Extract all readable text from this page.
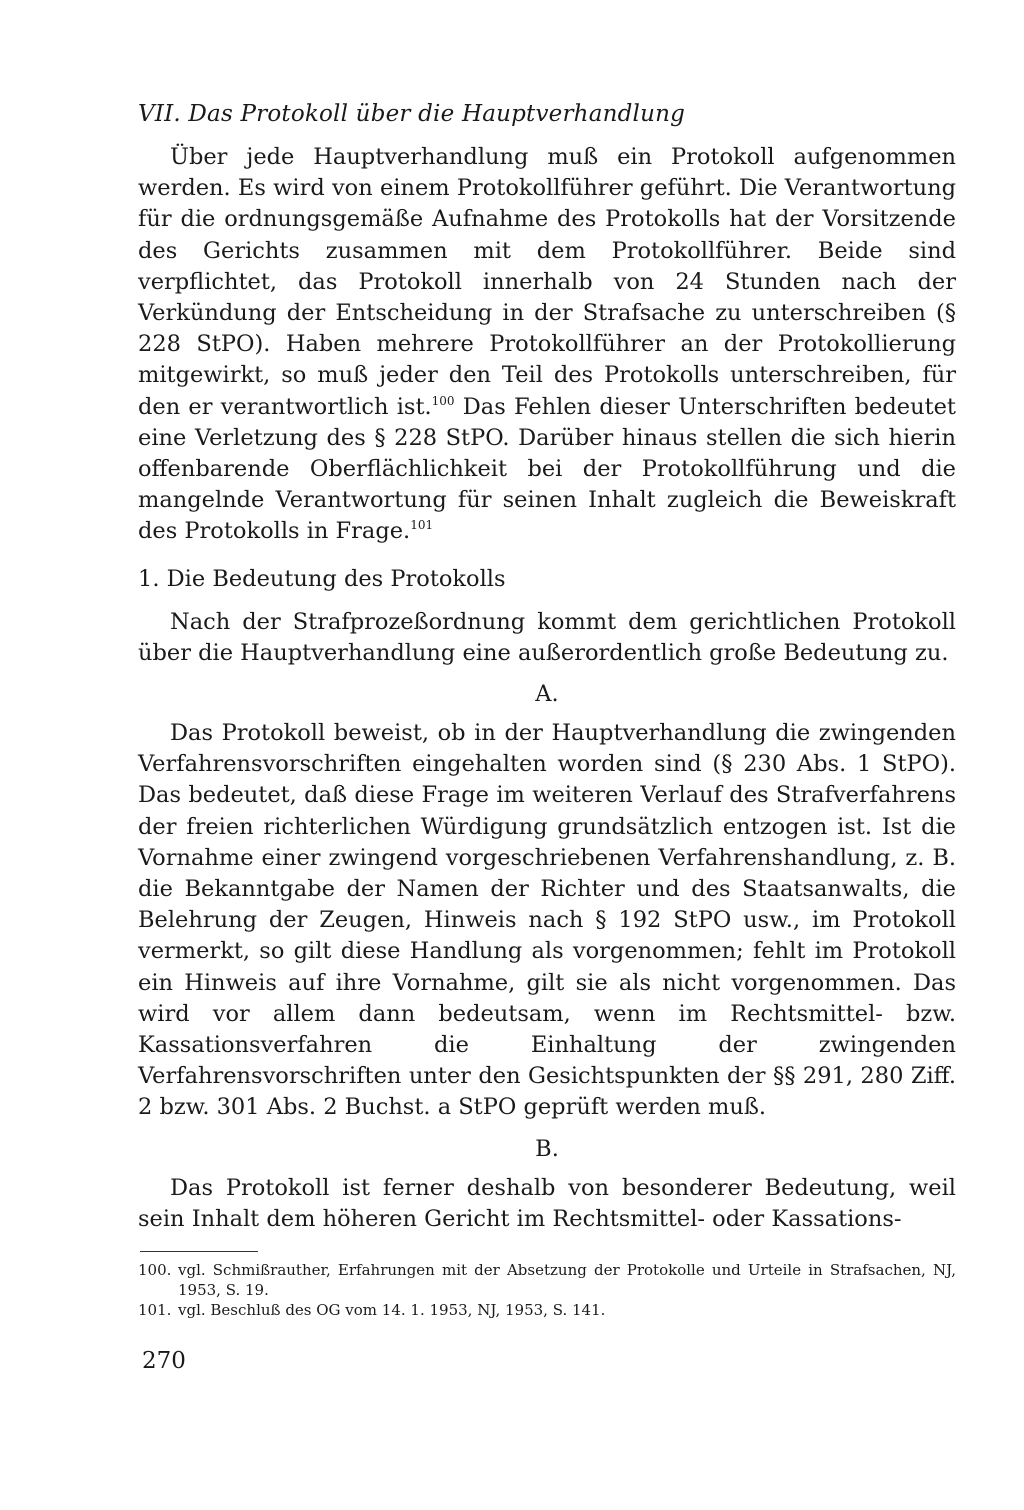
VII. Das Protokoll über die Hauptverhandlung

Über jede Hauptverhandlung muß ein Protokoll aufgenommen werden. Es wird von einem Protokollführer geführt. Die Verantwortung für die ordnungsgemäße Aufnahme des Protokolls hat der Vorsitzende des Gerichts zusammen mit dem Protokollführer. Beide sind verpflichtet, das Protokoll innerhalb von 24 Stunden nach der Verkündung der Entscheidung in der Strafsache zu unterschreiben (§ 228 StPO). Haben mehrere Protokollführer an der Protokollierung mitgewirkt, so muß jeder den Teil des Protokolls unterschreiben, für den er verantwortlich ist.$^{100}$ Das Fehlen dieser Unterschriften bedeutet eine Verletzung des § 228 StPO. Darüber hinaus stellen die sich hierin offenbarende Oberflächlichkeit bei der Protokollführung und die mangelnde Verantwortung für seinen Inhalt zugleich die Beweiskraft des Protokolls in Frage.$^{101}$

1. Die Bedeutung des Protokolls

Nach der Strafprozeßordnung kommt dem gerichtlichen Protokoll über die Hauptverhandlung eine außerordentlich große Bedeutung zu.

A.

Das Protokoll beweist, ob in der Hauptverhandlung die zwingenden Verfahrensvorschriften eingehalten worden sind (§ 230 Abs. 1 StPO). Das bedeutet, daß diese Frage im weiteren Verlauf des Strafverfahrens der freien richterlichen Würdigung grundsätzlich entzogen ist. Ist die Vornahme einer zwingend vorgeschriebenen Verfahrenshandlung, z. B. die Bekanntgabe der Namen der Richter und des Staatsanwalts, die Belehrung der Zeugen, Hinweis nach § 192 StPO usw., im Protokoll vermerkt, so gilt diese Handlung als vorgenommen; fehlt im Protokoll ein Hinweis auf ihre Vornahme, gilt sie als nicht vorgenommen. Das wird vor allem dann bedeutsam, wenn im Rechtsmittel- bzw. Kassationsverfahren die Einhaltung der zwingenden Verfahrensvorschriften unter den Gesichtspunkten der §§ 291, 280 Ziff. 2 bzw. 301 Abs. 2 Buchst. a StPO geprüft werden muß.

B.

Das Protokoll ist ferner deshalb von besonderer Bedeutung, weil sein Inhalt dem höheren Gericht im Rechtsmittel- oder Kassations-

100. vgl. Schmißrauther, Erfahrungen mit der Absetzung der Protokolle und Urteile in Strafsachen, NJ, 1953, S. 19.
101. vgl. Beschluß des OG vom 14. 1. 1953, NJ, 1953, S. 141.
270
